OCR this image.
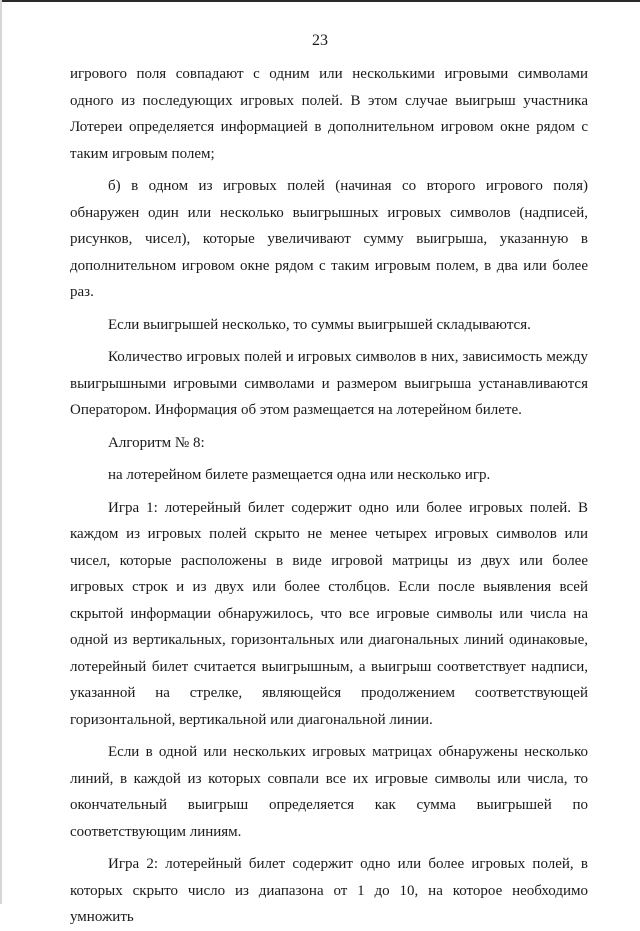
23

игрового поля совпадают с одним или несколькими игровыми символами одного из последующих игровых полей. В этом случае выигрыш участника Лотереи определяется информацией в дополнительном игровом окне рядом с таким игровым полем;

б) в одном из игровых полей (начиная со второго игрового поля) обнаружен один или несколько выигрышных игровых символов (надписей, рисунков, чисел), которые увеличивают сумму выигрыша, указанную в дополнительном игровом окне рядом с таким игровым полем, в два или более раз.

Если выигрышей несколько, то суммы выигрышей складываются.

Количество игровых полей и игровых символов в них, зависимость между выигрышными игровыми символами и размером выигрыша устанавливаются Оператором. Информация об этом размещается на лотерейном билете.

Алгоритм № 8:

на лотерейном билете размещается одна или несколько игр.

Игра 1: лотерейный билет содержит одно или более игровых полей. В каждом из игровых полей скрыто не менее четырех игровых символов или чисел, которые расположены в виде игровой матрицы из двух или более игровых строк и из двух или более столбцов. Если после выявления всей скрытой информации обнаружилось, что все игровые символы или числа на одной из вертикальных, горизонтальных или диагональных линий одинаковые, лотерейный билет считается выигрышным, а выигрыш соответствует надписи, указанной на стрелке, являющейся продолжением соответствующей горизонтальной, вертикальной или диагональной линии.

Если в одной или нескольких игровых матрицах обнаружены несколько линий, в каждой из которых совпали все их игровые символы или числа, то окончательный выигрыш определяется как сумма выигрышей по соответствующим линиям.

Игра 2: лотерейный билет содержит одно или более игровых полей, в которых скрыто число из диапазона от 1 до 10, на которое необходимо умножить
